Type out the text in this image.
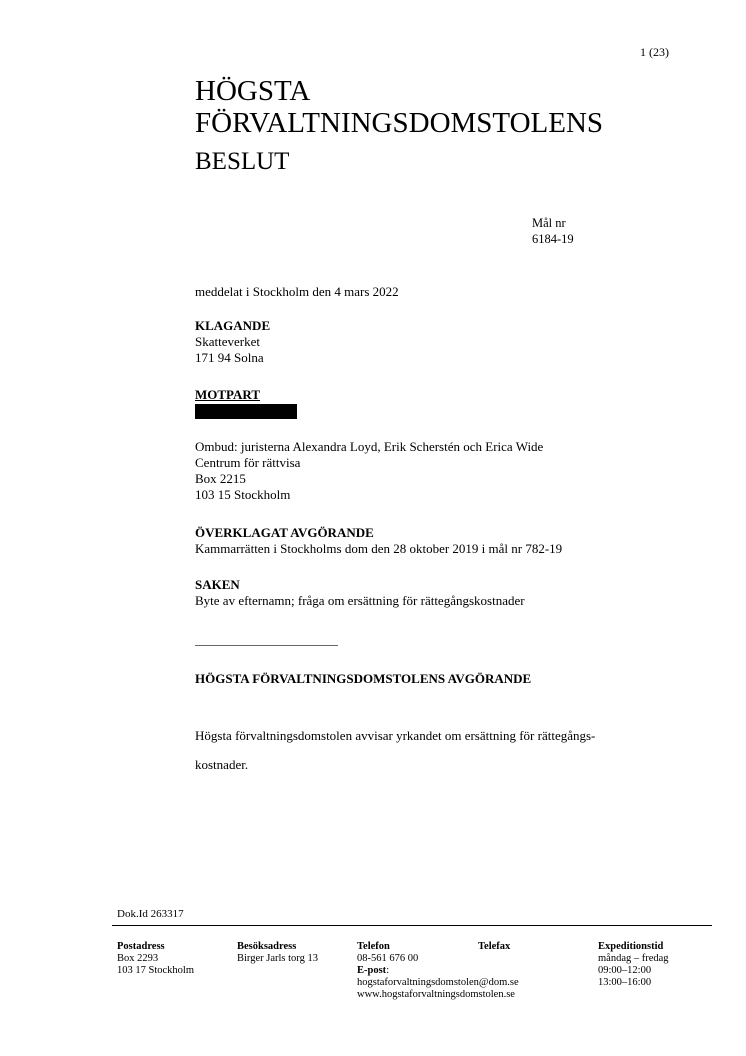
1 (23)
HÖGSTA
FÖRVALTNINGSDOMSTOLENS
BESLUT
Mål nr
6184-19
meddelat i Stockholm den 4 mars 2022
KLAGANDE
Skatteverket
171 94 Solna
MOTPART
Ombud: juristerna Alexandra Loyd, Erik Scherstén och Erica Wide
Centrum för rättvisa
Box 2215
103 15 Stockholm
ÖVERKLAGAT AVGÖRANDE
Kammarrätten i Stockholms dom den 28 oktober 2019 i mål nr 782-19
SAKEN
Byte av efternamn; fråga om ersättning för rättegångskostnader
HÖGSTA FÖRVALTNINGSDOMSTOLENS AVGÖRANDE
Högsta förvaltningsdomstolen avvisar yrkandet om ersättning för rättegångs-
kostnader.
Dok.Id 263317
Postadress
Box 2293
103 17 Stockholm
Besöksadress
Birger Jarls torg 13
Telefon
08-561 676 00
E-post:
hogstaforvaltningsdomstolen@dom.se
www.hogstaforvaltningsdomstolen.se
Telefax	Expeditionstid
måndag – fredag
09:00–12:00
13:00–16:00
